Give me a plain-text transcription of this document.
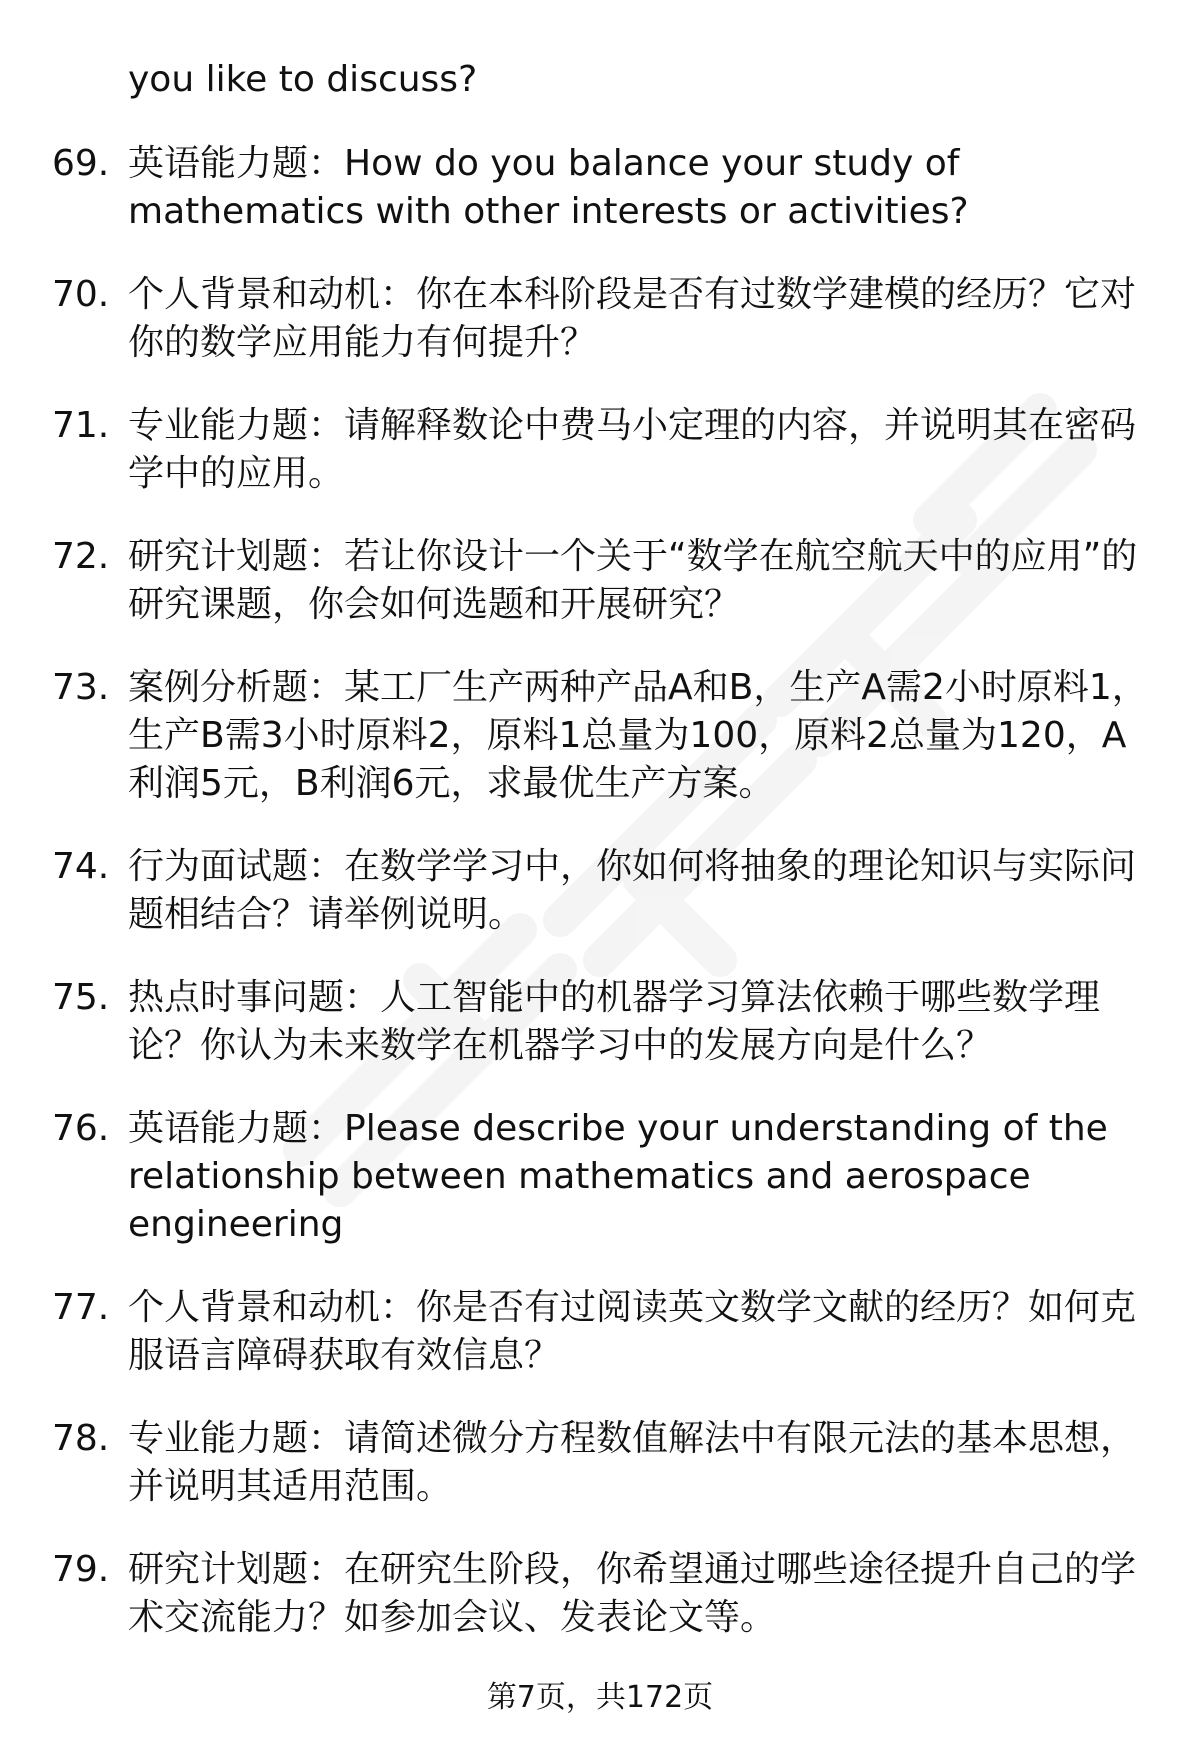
you like to discuss?
69. 英语能力题：How do you balance your study of mathematics with other interests or activities?
70. 个人背景和动机：你在本科阶段是否有过数学建模的经历？它对你的数学应用能力有何提升？
71. 专业能力题：请解释数论中费马小定理的内容，并说明其在密码学中的应用。
72. 研究计划题：若让你设计一个关于“数学在航空航天中的应用”的研究课题，你会如何选题和开展研究？
73. 案例分析题：某工厂生产两种产品A和B，生产A需2小时原料1，生产B需3小时原料2，原料1总量为100，原料2总量为120，A利润5元，B利润6元，求最优生产方案。
74. 行为面试题：在数学学习中，你如何将抽象的理论知识与实际问题相结合？请举例说明。
75. 热点时事问题：人工智能中的机器学习算法依赖于哪些数学理论？你认为未来数学在机器学习中的发展方向是什么？
76. 英语能力题：Please describe your understanding of the relationship between mathematics and aerospace engineering
77. 个人背景和动机：你是否有过阅读英文数学文献的经历？如何克服语言障碍获取有效信息？
78. 专业能力题：请简述微分方程数值解法中有限元法的基本思想，并说明其适用范围。
79. 研究计划题：在研究生阶段，你希望通过哪些途径提升自己的学术交流能力？如参加会议、发表论文等。
第7页，共172页
